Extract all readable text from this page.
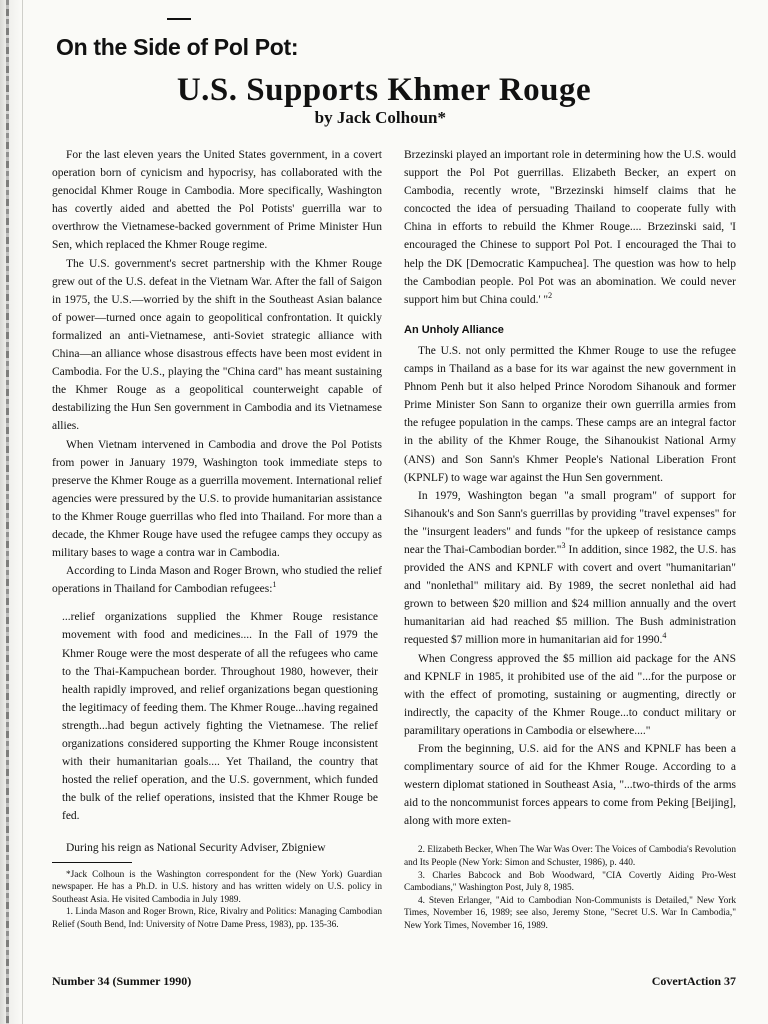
On the Side of Pol Pot:
U.S. Supports Khmer Rouge

by Jack Colhoun*

For the last eleven years the United States government, in a covert operation born of cynicism and hypocrisy, has collaborated with the genocidal Khmer Rouge in Cambodia. More specifically, Washington has covertly aided and abetted the Pol Potists' guerrilla war to overthrow the Vietnamese-backed government of Prime Minister Hun Sen, which replaced the Khmer Rouge regime.

The U.S. government's secret partnership with the Khmer Rouge grew out of the U.S. defeat in the Vietnam War. After the fall of Saigon in 1975, the U.S.—worried by the shift in the Southeast Asian balance of power—turned once again to geopolitical confrontation. It quickly formalized an anti-Vietnamese, anti-Soviet strategic alliance with China—an alliance whose disastrous effects have been most evident in Cambodia. For the U.S., playing the "China card" has meant sustaining the Khmer Rouge as a geopolitical counterweight capable of destabilizing the Hun Sen government in Cambodia and its Vietnamese allies.

When Vietnam intervened in Cambodia and drove the Pol Potists from power in January 1979, Washington took immediate steps to preserve the Khmer Rouge as a guerrilla movement. International relief agencies were pressured by the U.S. to provide humanitarian assistance to the Khmer Rouge guerrillas who fled into Thailand. For more than a decade, the Khmer Rouge have used the refugee camps they occupy as military bases to wage a contra war in Cambodia.

According to Linda Mason and Roger Brown, who studied the relief operations in Thailand for Cambodian refugees:$^1$

...relief organizations supplied the Khmer Rouge resistance movement with food and medicines.... In the Fall of 1979 the Khmer Rouge were the most desperate of all the refugees who came to the Thai-Kampuchean border. Throughout 1980, however, their health rapidly improved, and relief organizations began questioning the legitimacy of feeding them. The Khmer Rouge...having regained strength...had begun actively fighting the Vietnamese. The relief organizations considered supporting the Khmer Rouge inconsistent with their humanitarian goals.... Yet Thailand, the country that hosted the relief operation, and the U.S. government, which funded the bulk of the relief operations, insisted that the Khmer Rouge be fed.

During his reign as National Security Adviser, Zbigniew

*Jack Colhoun is the Washington correspondent for the (New York) Guardian newspaper. He has a Ph.D. in U.S. history and has written widely on U.S. policy in Southeast Asia. He visited Cambodia in July 1989.

1. Linda Mason and Roger Brown, Rice, Rivalry and Politics: Managing Cambodian Relief (South Bend, Ind: University of Notre Dame Press, 1983), pp. 135-36.

Brzezinski played an important role in determining how the U.S. would support the Pol Pot guerrillas. Elizabeth Becker, an expert on Cambodia, recently wrote, "Brzezinski himself claims that he concocted the idea of persuading Thailand to cooperate fully with China in efforts to rebuild the Khmer Rouge.... Brzezinski said, 'I encouraged the Chinese to support Pol Pot. I encouraged the Thai to help the DK [Democratic Kampuchea]. The question was how to help the Cambodian people. Pol Pot was an abomination. We could never support him but China could.' "$^2$

An Unholy Alliance

The U.S. not only permitted the Khmer Rouge to use the refugee camps in Thailand as a base for its war against the new government in Phnom Penh but it also helped Prince Norodom Sihanouk and former Prime Minister Son Sann to organize their own guerrilla armies from the refugee population in the camps. These camps are an integral factor in the ability of the Khmer Rouge, the Sihanoukist National Army (ANS) and Son Sann's Khmer People's National Liberation Front (KPNLF) to wage war against the Hun Sen government.

In 1979, Washington began "a small program" of support for Sihanouk's and Son Sann's guerrillas by providing "travel expenses" for the "insurgent leaders" and funds "for the upkeep of resistance camps near the Thai-Cambodian border."$^3$ In addition, since 1982, the U.S. has provided the ANS and KPNLF with covert and overt "humanitarian" and "nonlethal" military aid. By 1989, the secret nonlethal aid had grown to between $20 million and $24 million annually and the overt humanitarian aid had reached $5 million. The Bush administration requested $7 million more in humanitarian aid for 1990.$^4$

When Congress approved the $5 million aid package for the ANS and KPNLF in 1985, it prohibited use of the aid "...for the purpose or with the effect of promoting, sustaining or augmenting, directly or indirectly, the capacity of the Khmer Rouge...to conduct military or paramilitary operations in Cambodia or elsewhere...."

From the beginning, U.S. aid for the ANS and KPNLF has been a complimentary source of aid for the Khmer Rouge. According to a western diplomat stationed in Southeast Asia, "...two-thirds of the arms aid to the noncommunist forces appears to come from Peking [Beijing], along with more exten-

2. Elizabeth Becker, When The War Was Over: The Voices of Cambodia's Revolution and Its People (New York: Simon and Schuster, 1986), p. 440.

3. Charles Babcock and Bob Woodward, "CIA Covertly Aiding Pro-West Cambodians," Washington Post, July 8, 1985.

4. Steven Erlanger, "Aid to Cambodian Non-Communists is Detailed," New York Times, November 16, 1989; see also, Jeremy Stone, "Secret U.S. War In Cambodia," New York Times, November 16, 1989.

Number 34 (Summer 1990)	CovertAction 37
